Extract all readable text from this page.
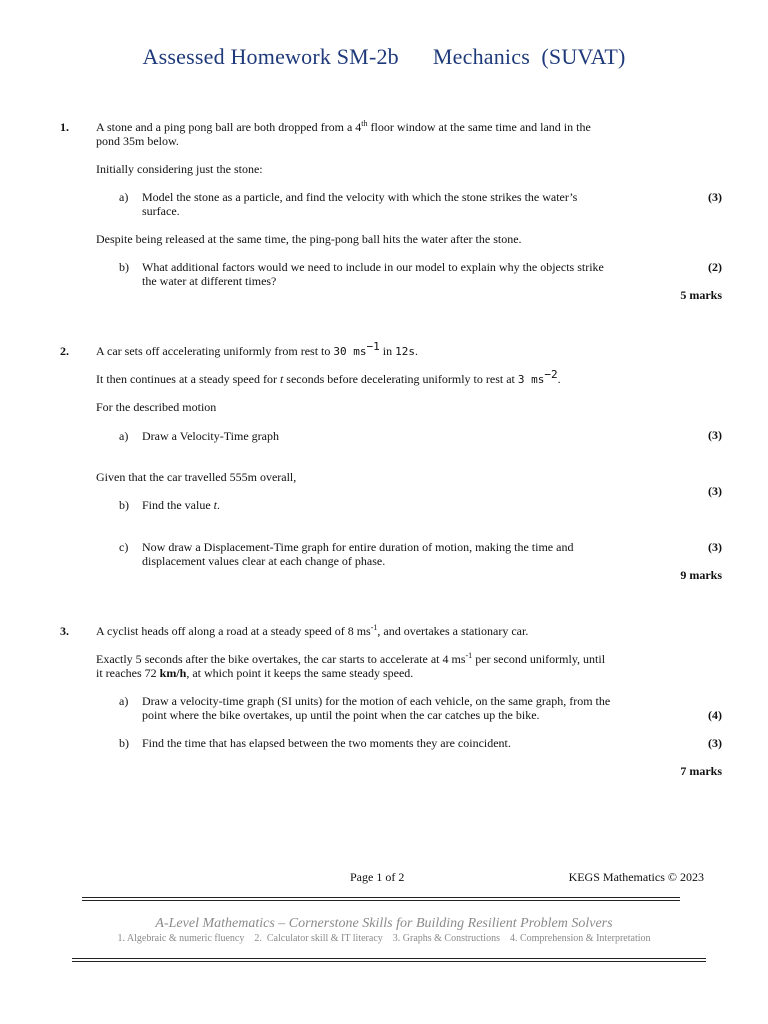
Assessed Homework SM-2b Mechanics  (SUVAT)
1. A stone and a ping pong ball are both dropped from a 4th floor window at the same time and land in the
pond 35m below.
Initially considering just the stone:
a) Model the stone as a particle, and find the velocity with which the stone strikes the water’s
surface.
(3)
Despite being released at the same time, the ping-pong ball hits the water after the stone.
b) What additional factors would we need to include in our model to explain why the objects strike
the water at different times?
(2)
5 marks
2. A car sets off accelerating uniformly from rest to 30 $ms^{-1}$ in 12s.
It then continues at a steady speed for t seconds before decelerating uniformly to rest at 3 $ms^{-2}$.
For the described motion
a) Draw a Velocity-Time graph	(3)
Given that the car travelled 555m overall,
(3)
b) Find the value t.
c) Now draw a Displacement-Time graph for entire duration of motion, making the time and
displacement values clear at each change of phase.
(3)
9 marks
3. A cyclist heads off along a road at a steady speed of 8 $ms^{-1}$, and overtakes a stationary car.
Exactly 5 seconds after the bike overtakes, the car starts to accelerate at 4 $ms^{-1}$ per second uniformly, until
it reaches 72 km/h, at which point it keeps the same steady speed.
a) Draw a velocity-time graph (SI units) for the motion of each vehicle, on the same graph, from the
point where the bike overtakes, up until the point when the car catches up the bike.	(4)
b) Find the time that has elapsed between the two moments they are coincident.	(3)
7 marks
Page 1 of 2	KEGS Mathematics © 2023
A-Level Mathematics – Cornerstone Skills for Building Resilient Problem Solvers
1. Algebraic & numeric fluency    2.  Calculator skill & IT literacy    3. Graphs & Constructions    4. Comprehension & Interpretation
